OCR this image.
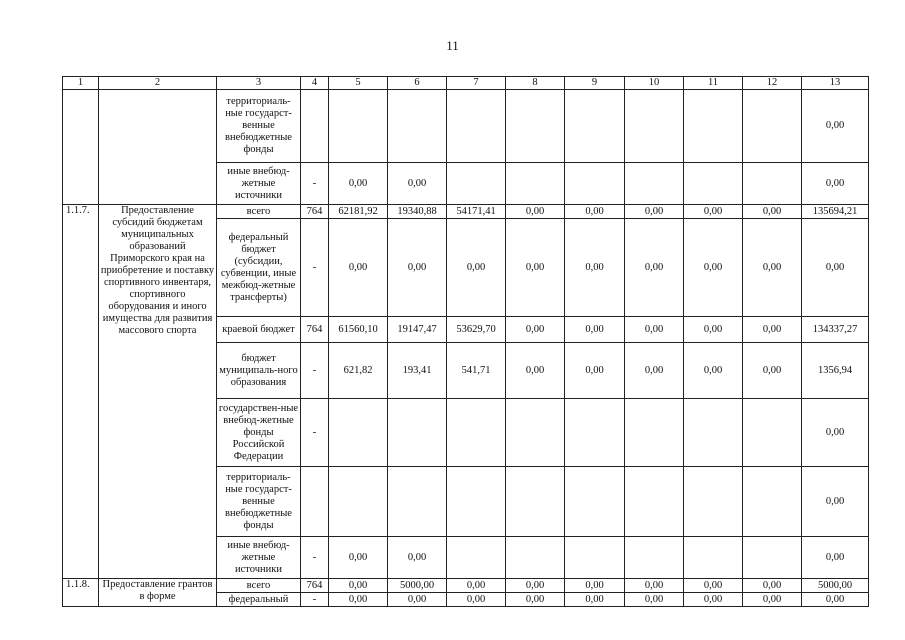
11
1	2	3	4	5	6	7	8	9	10	11	12	13
		территориаль-ные государст-венные внебюджетные фонды										0,00
		иные внебюд-жетные источники	-	0,00	0,00							0,00
1.1.7.	Предоставление субсидий бюджетам муниципальных образований Приморского края на приобретение и поставку спортивного инвентаря, спортивного оборудования и иного имущества для развития массового спорта	всего	764	62181,92	19340,88	54171,41	0,00	0,00	0,00	0,00	0,00	135694,21
		федеральный бюджет (субсидии, субвенции, иные межбюд-жетные трансферты)	-	0,00	0,00	0,00	0,00	0,00	0,00	0,00	0,00	0,00
		краевой бюджет	764	61560,10	19147,47	53629,70	0,00	0,00	0,00	0,00	0,00	134337,27
		бюджет муниципаль-ного образования	-	621,82	193,41	541,71	0,00	0,00	0,00	0,00	0,00	1356,94
		государствен-ные внебюд-жетные фонды Российской Федерации	-									0,00
		территориаль-ные государст-венные внебюджетные фонды										0,00
		иные внебюд-жетные источники	-	0,00	0,00							0,00
1.1.8.	Предоставление грантов в форме	всего	764	0,00	5000,00	0,00	0,00	0,00	0,00	0,00	0,00	5000,00
		федеральный	-	0,00	0,00	0,00	0,00	0,00	0,00	0,00	0,00	0,00
